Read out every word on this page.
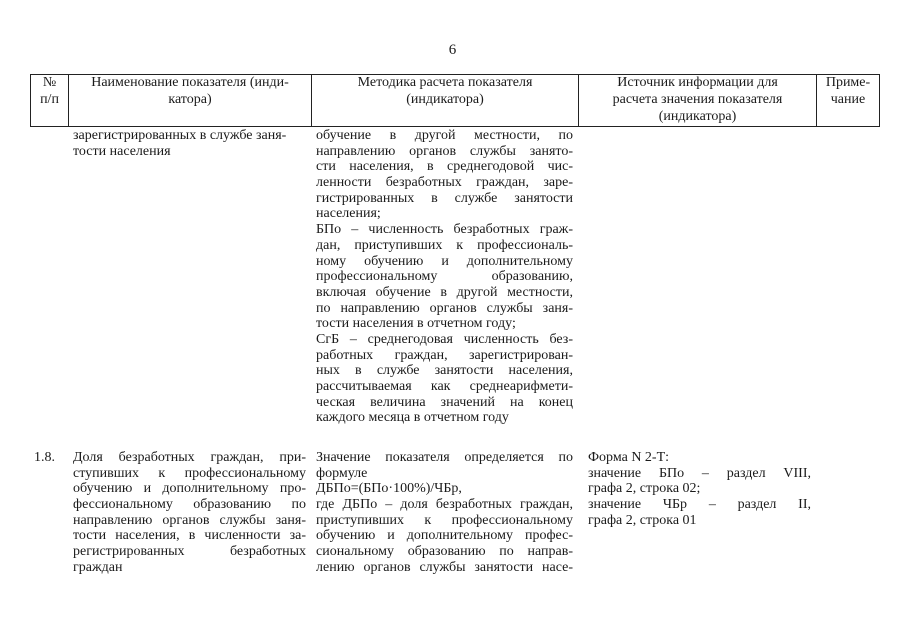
6
№
п/п
Наименование показателя (инди-
катора)
Методика расчета показателя
(индикатора)
Источник информации для
расчета значения показателя
(индикатора)
Приме-
чание
зарегистрированных в службе заня-
тости населения
обучение в другой местности, по
направлению органов службы занято-
сти населения, в среднегодовой чис-
ленности безработных граждан, заре-
гистрированных в службе занятости
населения;
БПо – численность безработных граж-
дан, приступивших к профессиональ-
ному обучению и дополнительному
профессиональному образованию,
включая обучение в другой местности,
по направлению органов службы заня-
тости населения в отчетном году;
СгБ – среднегодовая численность без-
работных граждан, зарегистрирован-
ных в службе занятости населения,
рассчитываемая как среднеарифмети-
ческая величина значений на конец
каждого месяца в отчетном году
1.8. Доля безработных граждан, при-
ступивших к профессиональному
обучению и дополнительному про-
фессиональному образованию по
направлению органов службы заня-
тости населения, в численности за-
регистрированных безработных
граждан
Значение показателя определяется по
формуле
ДБПо=(БПо·100%)/ЧБр,
где ДБПо – доля безработных граждан,
приступивших к профессиональному
обучению и дополнительному профес-
сиональному образованию по направ-
лению органов службы занятости насе-
Форма N 2-Т:
значение БПо – раздел VIII,
графа 2, строка 02;
значение ЧБр – раздел II,
графа 2, строка 01
